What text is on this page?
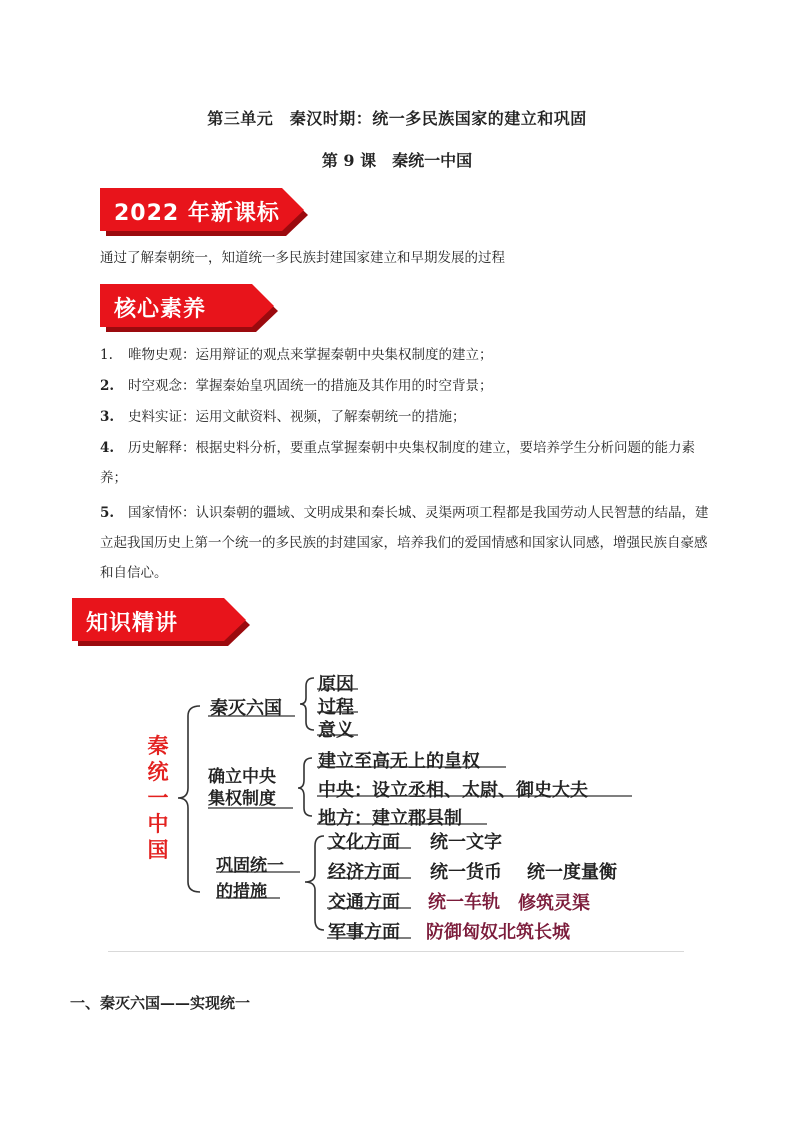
第三单元　秦汉时期：统一多民族国家的建立和巩固
第 9 课　秦统一中国
2022 年新课标
通过了解秦朝统一，知道统一多民族封建国家建立和早期发展的过程
核心素养
1. 唯物史观：运用辩证的观点来掌握秦朝中央集权制度的建立；
2. 时空观念：掌握秦始皇巩固统一的措施及其作用的时空背景；
3. 史料实证：运用文献资料、视频，了解秦朝统一的措施；
4. 历史解释：根据史料分析，要重点掌握秦朝中央集权制度的建立，要培养学生分析问题的能力素养；
5. 国家情怀：认识秦朝的疆域、文明成果和秦长城、灵渠两项工程都是我国劳动人民智慧的结晶，建立起我国历史上第一个统一的多民族的封建国家，培养我们的爱国情感和国家认同感，增强民族自豪感和自信心。
知识精讲
秦
统
一
中
国
秦灭六国
原因
过程
意义
确立中央
集权制度
建立至高无上的皇权
中央：设立丞相、太尉、御史大夫
地方：建立郡县制
巩固统一
的措施
文化方面 统一文字
经济方面 统一货币 统一度量衡
交通方面 统一车轨 修筑灵渠
军事方面 防御匈奴北筑长城
一、秦灭六国——实现统一
